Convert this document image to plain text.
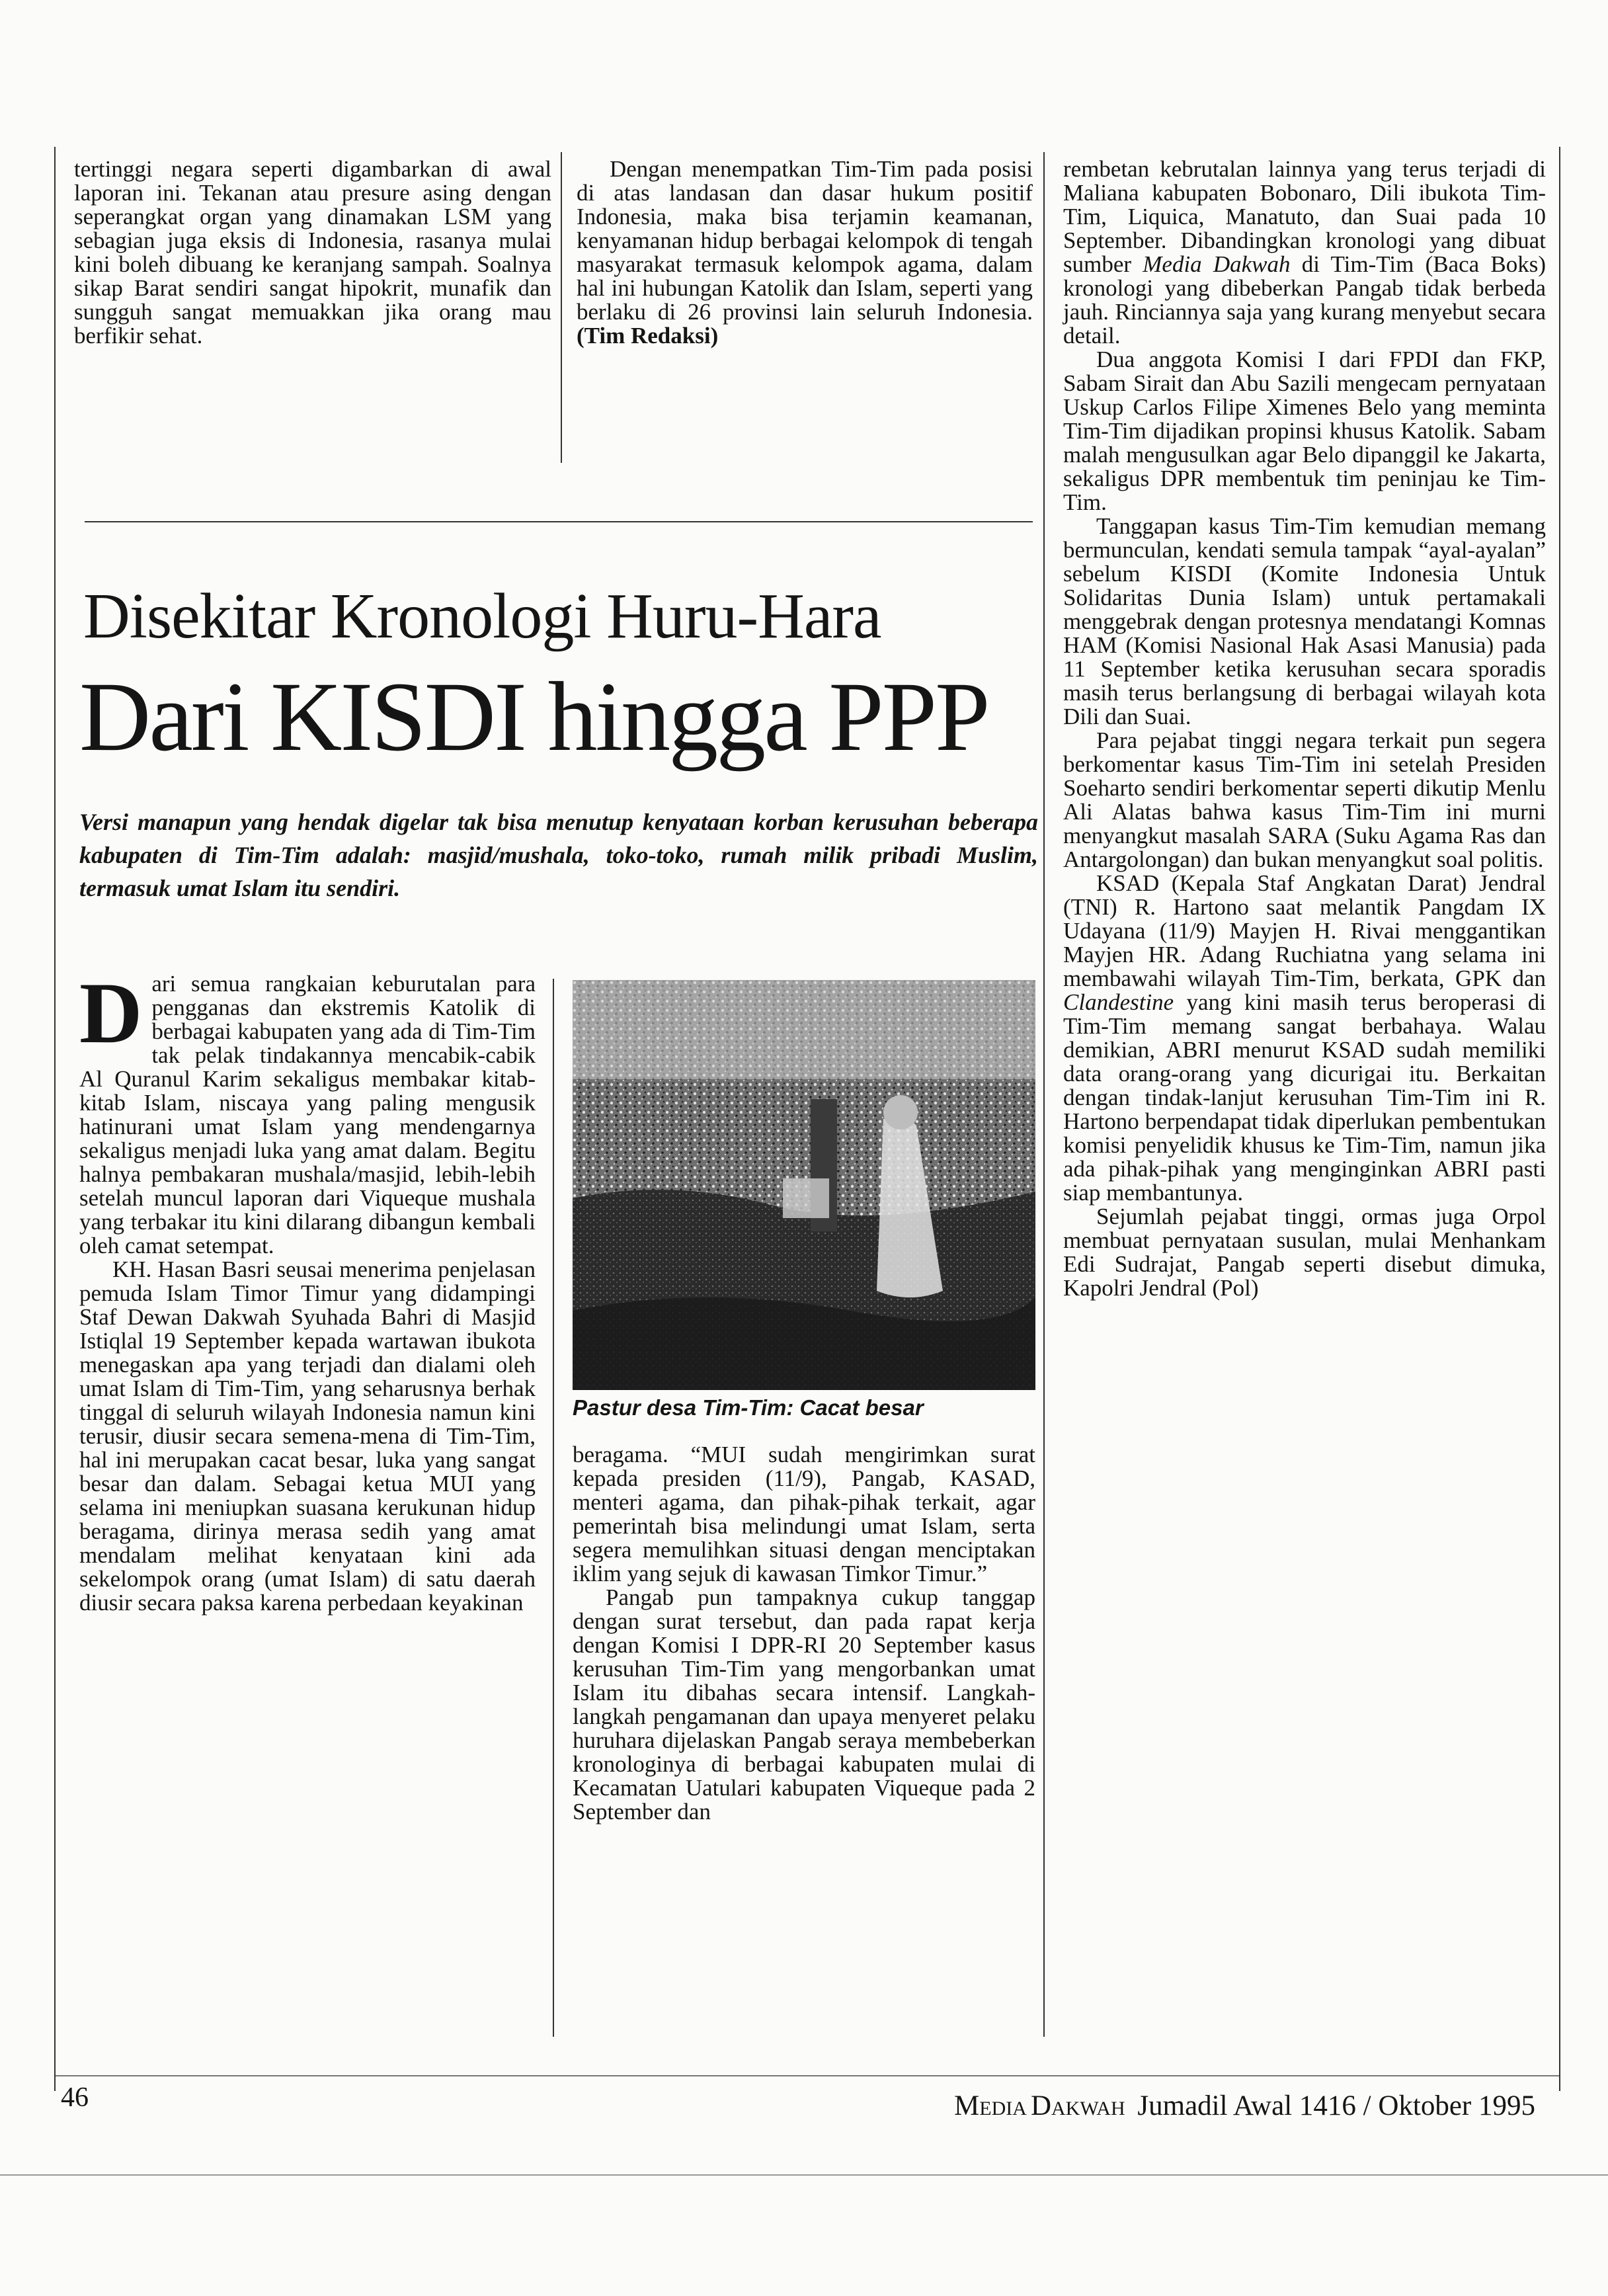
tertinggi negara seperti digambarkan di awal laporan ini. Tekanan atau presure asing dengan seperangkat organ yang dinamakan LSM yang sebagian juga eksis di Indonesia, rasanya mulai kini boleh dibuang ke keranjang sampah. Soalnya sikap Barat sendiri sangat hipokrit, munafik dan sungguh sangat memuakkan jika orang mau berfikir sehat.

Dengan menempatkan Tim-Tim pada posisi di atas landasan dan dasar hukum positif Indonesia, maka bisa terjamin keamanan, kenyamanan hidup berbagai kelompok di tengah masyarakat termasuk kelompok agama, dalam hal ini hubungan Katolik dan Islam, seperti yang berlaku di 26 provinsi lain seluruh Indonesia. (Tim Redaksi)

Disekitar Kronologi Huru-Hara
Dari KISDI hingga PPP
Versi manapun yang hendak digelar tak bisa menutup kenyataan korban kerusuhan beberapa kabupaten di Tim-Tim adalah: masjid/mushala, toko-toko, rumah milik pribadi Muslim, termasuk umat Islam itu sendiri.

Dari semua rangkaian keburutalan para pengganas dan ekstremis Katolik di berbagai kabupaten yang ada di Tim-Tim tak pelak tindakannya mencabik-cabik Al Quranul Karim sekaligus membakar kitab-kitab Islam, niscaya yang paling mengusik hatinurani umat Islam yang mendengarnya sekaligus menjadi luka yang amat dalam. Begitu halnya pembakaran mushala/masjid, lebih-lebih setelah muncul laporan dari Viqueque mushala yang terbakar itu kini dilarang dibangun kembali oleh camat setempat.

KH. Hasan Basri seusai menerima penjelasan pemuda Islam Timor Timur yang didampingi Staf Dewan Dakwah Syuhada Bahri di Masjid Istiqlal 19 September kepada wartawan ibukota menegaskan apa yang terjadi dan dialami oleh umat Islam di Tim-Tim, yang seharusnya berhak tinggal di seluruh wilayah Indonesia namun kini terusir, diusir secara semena-mena di Tim-Tim, hal ini merupakan cacat besar, luka yang sangat besar dan dalam. Sebagai ketua MUI yang selama ini meniupkan suasana kerukunan hidup beragama, dirinya merasa sedih yang amat mendalam melihat kenyataan kini ada sekelompok orang (umat Islam) di satu daerah diusir secara paksa karena perbedaan keyakinan

Pastur desa Tim-Tim: Cacat besar

beragama. “MUI sudah mengirimkan surat kepada presiden (11/9), Pangab, KASAD, menteri agama, dan pihak-pihak terkait, agar pemerintah bisa melindungi umat Islam, serta segera memulihkan situasi dengan menciptakan iklim yang sejuk di kawasan Timkor Timur.”

Pangab pun tampaknya cukup tanggap dengan surat tersebut, dan pada rapat kerja dengan Komisi I DPR-RI 20 September kasus kerusuhan Tim-Tim yang mengorbankan umat Islam itu dibahas secara intensif. Langkah-langkah pengamanan dan upaya menyeret pelaku huruhara dijelaskan Pangab seraya membeberkan kronologinya di berbagai kabupaten mulai di Kecamatan Uatulari kabupaten Viqueque pada 2 September dan

rembetan kebrutalan lainnya yang terus terjadi di Maliana kabupaten Bobonaro, Dili ibukota Tim-Tim, Liquica, Manatuto, dan Suai pada 10 September. Dibandingkan kronologi yang dibuat sumber Media Dakwah di Tim-Tim (Baca Boks) kronologi yang dibeberkan Pangab tidak berbeda jauh. Rinciannya saja yang kurang menyebut secara detail.

Dua anggota Komisi I dari FPDI dan FKP, Sabam Sirait dan Abu Sazili mengecam pernyataan Uskup Carlos Filipe Ximenes Belo yang meminta Tim-Tim dijadikan propinsi khusus Katolik. Sabam malah mengusulkan agar Belo dipanggil ke Jakarta, sekaligus DPR membentuk tim peninjau ke Tim-Tim.

Tanggapan kasus Tim-Tim kemudian memang bermunculan, kendati semula tampak “ayal-ayalan” sebelum KISDI (Komite Indonesia Untuk Solidaritas Dunia Islam) untuk pertamakali menggebrak dengan protesnya mendatangi Komnas HAM (Komisi Nasional Hak Asasi Manusia) pada 11 September ketika kerusuhan secara sporadis masih terus berlangsung di berbagai wilayah kota Dili dan Suai.

Para pejabat tinggi negara terkait pun segera berkomentar kasus Tim-Tim ini setelah Presiden Soeharto sendiri berkomentar seperti dikutip Menlu Ali Alatas bahwa kasus Tim-Tim ini murni menyangkut masalah SARA (Suku Agama Ras dan Antargolongan) dan bukan menyangkut soal politis.

KSAD (Kepala Staf Angkatan Darat) Jendral (TNI) R. Hartono saat melantik Pangdam IX Udayana (11/9) Mayjen H. Rivai menggantikan Mayjen HR. Adang Ruchiatna yang selama ini membawahi wilayah Tim-Tim, berkata, GPK dan Clandestine yang kini masih terus beroperasi di Tim-Tim memang sangat berbahaya. Walau demikian, ABRI menurut KSAD sudah memiliki data orang-orang yang dicurigai itu. Berkaitan dengan tindak-lanjut kerusuhan Tim-Tim ini R. Hartono berpendapat tidak diperlukan pembentukan komisi penyelidik khusus ke Tim-Tim, namun jika ada pihak-pihak yang menginginkan ABRI pasti siap membantunya.

Sejumlah pejabat tinggi, ormas juga Orpol membuat pernyataan susulan, mulai Menhankam Edi Sudrajat, Pangab seperti disebut dimuka, Kapolri Jendral (Pol)

46	Media Dakwah Jumadil Awal 1416 / Oktober 1995
